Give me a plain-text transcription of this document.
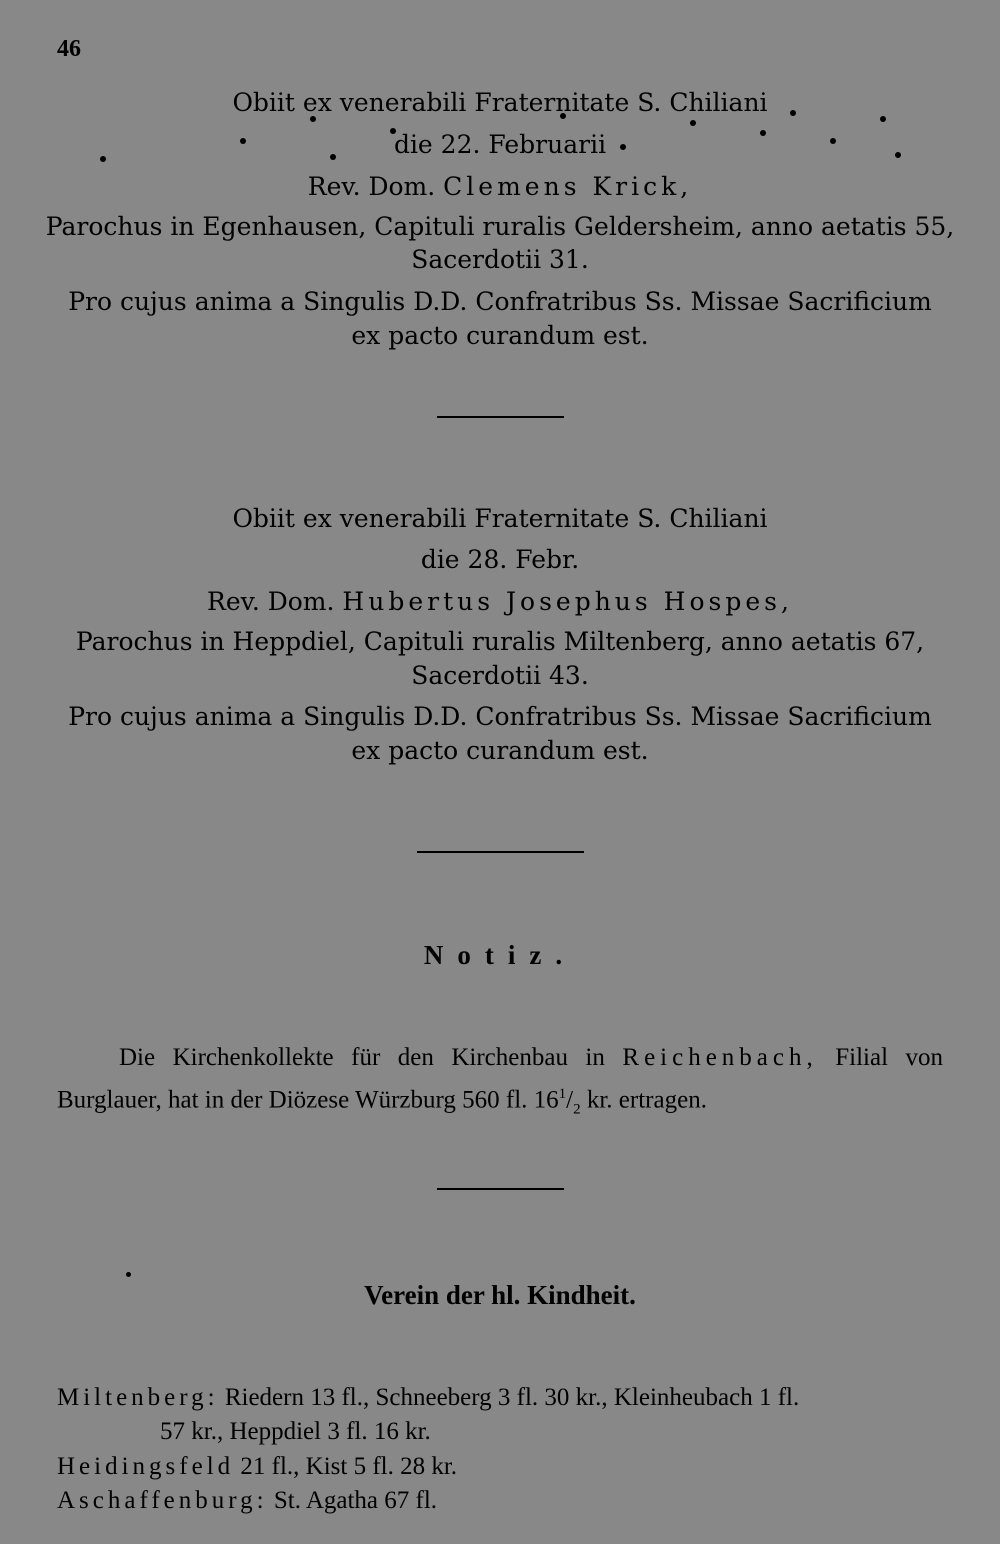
46
Obiit ex venerabili Fraternitate S. Chiliani
die 22. Februarii
Rev. Dom. Clemens Krick,
Parochus in Egenhausen, Capituli ruralis Geldersheim, anno aetatis 55,
Sacerdotii 31.
Pro cujus anima a Singulis D.D. Confratribus Ss. Missae Sacrificium
ex pacto curandum est.
Obiit ex venerabili Fraternitate S. Chiliani
die 28. Febr.
Rev. Dom. Hubertus Josephus Hospes,
Parochus in Heppdiel, Capituli ruralis Miltenberg, anno aetatis 67,
Sacerdotii 43.
Pro cujus anima a Singulis D.D. Confratribus Ss. Missae Sacrificium
ex pacto curandum est.
Notiz.
Die Kirchenkollekte für den Kirchenbau in Reichenbach, Filial von
Burglauer, hat in der Diözese Würzburg 560 fl. $16^1/_2$ kr. ertragen.
Verein der hl. Kindheit.
Miltenberg: Riedern 13 fl., Schneeberg 3 fl. 30 kr., Kleinheubach 1 fl.
57 kr., Heppdiel 3 fl. 16 kr.
Heidingsfeld 21 fl., Kist 5 fl. 28 kr.
Aschaffenburg: St. Agatha 67 fl.
